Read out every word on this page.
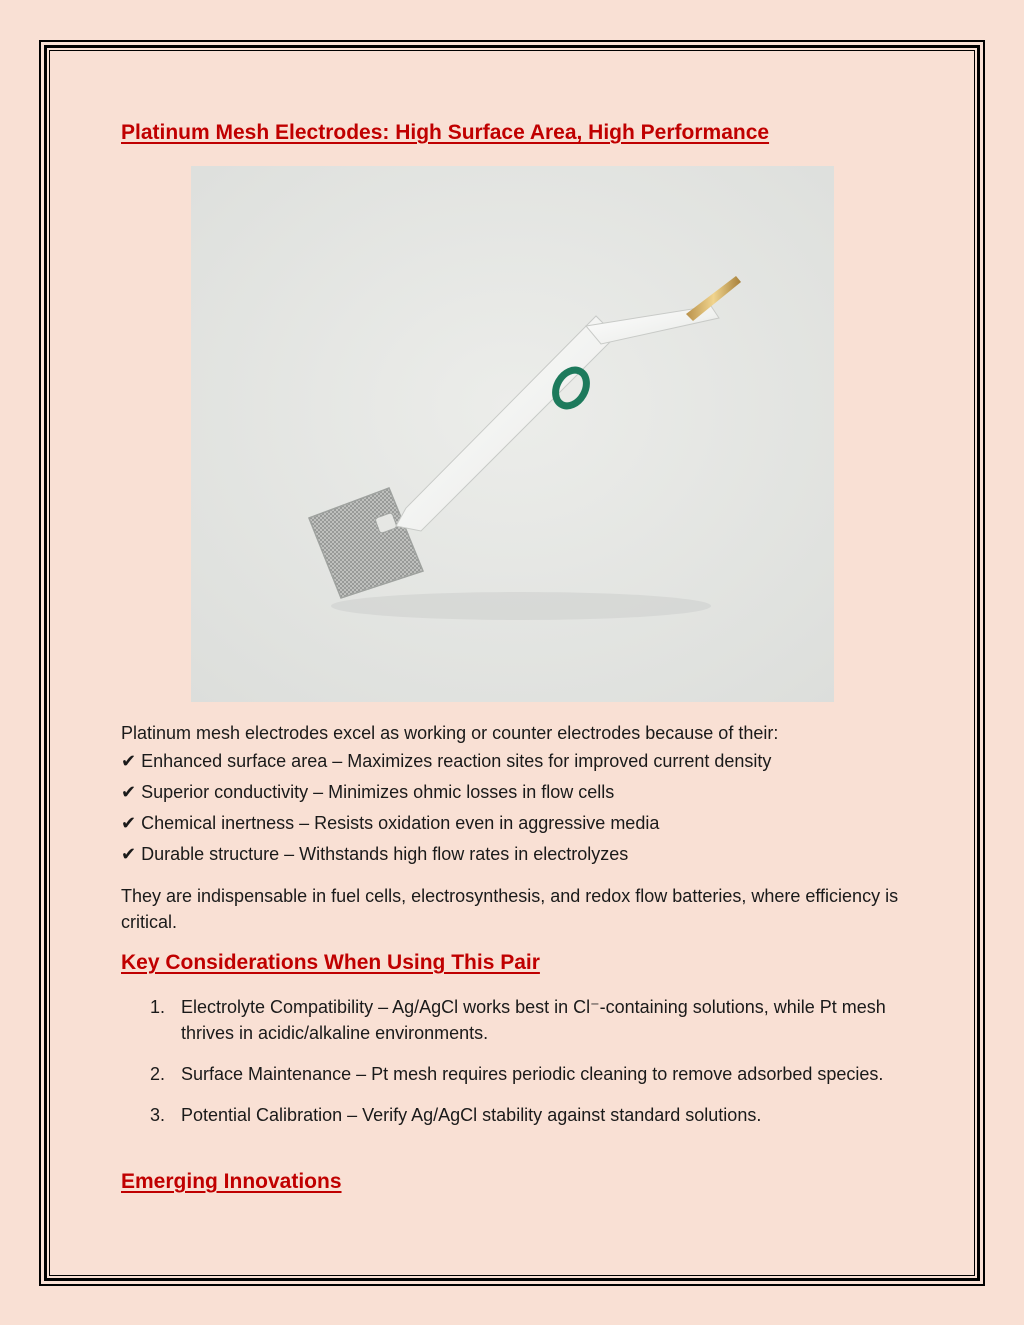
Platinum Mesh Electrodes: High Surface Area, High Performance

Platinum mesh electrodes excel as working or counter electrodes because of their:

✔ Enhanced surface area – Maximizes reaction sites for improved current density
✔ Superior conductivity – Minimizes ohmic losses in flow cells
✔ Chemical inertness – Resists oxidation even in aggressive media
✔ Durable structure – Withstands high flow rates in electrolyzes

They are indispensable in fuel cells, electrosynthesis, and redox flow batteries, where efficiency is critical.

Key Considerations When Using This Pair
1. Electrolyte Compatibility – Ag/AgCl works best in Cl⁻-containing solutions, while Pt mesh thrives in acidic/alkaline environments.
2. Surface Maintenance – Pt mesh requires periodic cleaning to remove adsorbed species.
3. Potential Calibration – Verify Ag/AgCl stability against standard solutions.
Emerging Innovations
